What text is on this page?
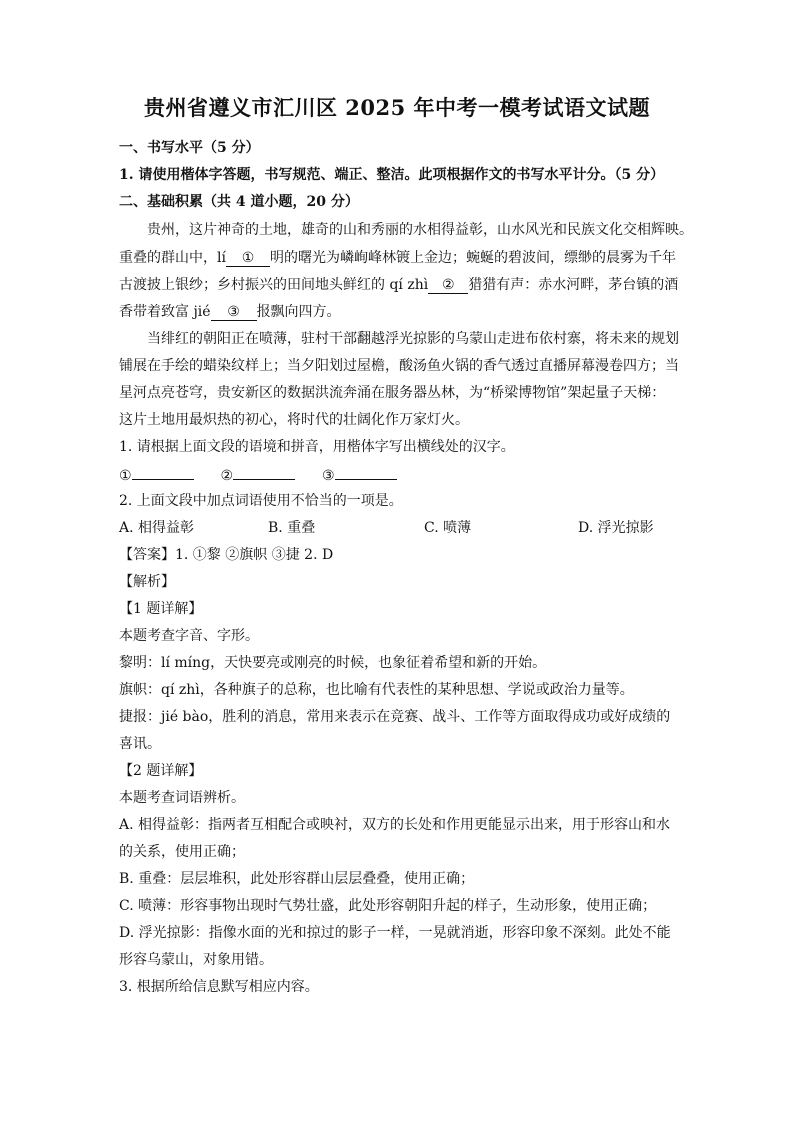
贵州省遵义市汇川区 2025 年中考一模考试语文试题
一、书写水平（5 分）
1. 请使用楷体字答题，书写规范、端正、整洁。此项根据作文的书写水平计分。（5 分）
二、基础积累（共 4 道小题，20 分）
贵州，这片神奇的土地，雄奇的山和秀丽的水相得益彰，山水风光和民族文化交相辉映。
重叠的群山中，lí ① 明的曙光为嶙峋峰林镀上金边；蜿蜒的碧波间，缥缈的晨雾为千年
古渡披上银纱；乡村振兴的田间地头鲜红的 qí zhì ② 猎猎有声：赤水河畔，茅台镇的酒
香带着致富 jié ③ 报飘向四方。
当绯红的朝阳正在喷薄，驻村干部翻越浮光掠影的乌蒙山走进布依村寨，将未来的规划
铺展在手绘的蜡染纹样上；当夕阳划过屋檐，酸汤鱼火锅的香气透过直播屏幕漫卷四方；当
星河点亮苍穹，贵安新区的数据洪流奔涌在服务器丛林，为“桥梁博物馆”架起量子天梯：
这片土地用最炽热的初心，将时代的壮阔化作万家灯火。
1. 请根据上面文段的语境和拼音，用楷体字写出横线处的汉字。
①	②	③
2. 上面文段中加点词语使用不恰当的一项是。
A. 相得益彰	B. 重叠	C. 喷薄	D. 浮光掠影
【答案】1. ①黎 ②旗帜 ③捷 2. D
【解析】
【1 题详解】
本题考查字音、字形。
黎明：lí míng，天快要亮或刚亮的时候，也象征着希望和新的开始。
旗帜：qí zhì，各种旗子的总称，也比喻有代表性的某种思想、学说或政治力量等。
捷报：jié bào，胜利的消息，常用来表示在竞赛、战斗、工作等方面取得成功或好成绩的
喜讯。
【2 题详解】
本题考查词语辨析。
A. 相得益彰：指两者互相配合或映衬，双方的长处和作用更能显示出来，用于形容山和水
的关系，使用正确；
B. 重叠：层层堆积，此处形容群山层层叠叠，使用正确；
C. 喷薄：形容事物出现时气势壮盛，此处形容朝阳升起的样子，生动形象，使用正确；
D. 浮光掠影：指像水面的光和掠过的影子一样，一晃就消逝，形容印象不深刻。此处不能
形容乌蒙山，对象用错。
3. 根据所给信息默写相应内容。
